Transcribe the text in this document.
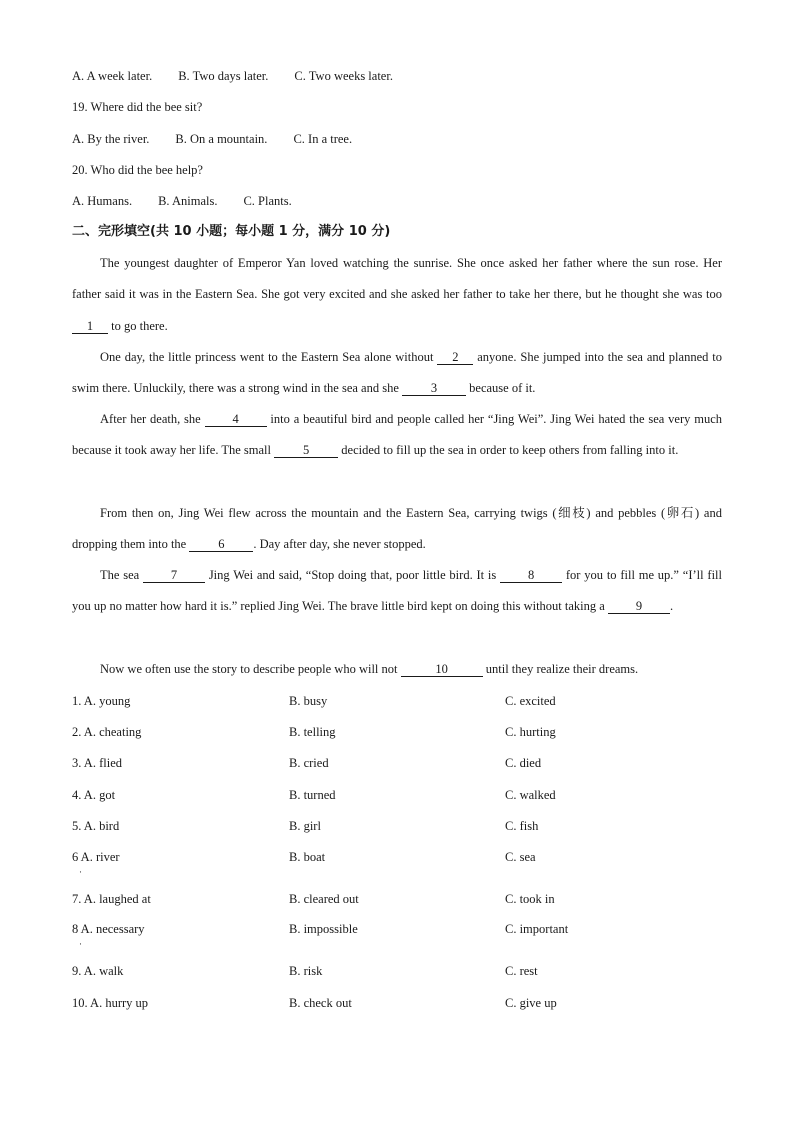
A. A week later. B. Two days later. C. Two weeks later.
19. Where did the bee sit?
A. By the river. B. On a mountain. C. In a tree.
20. Who did the bee help?
A. Humans. B. Animals. C. Plants.
二、完形填空(共 10 小题；每小题 1 分，满分 10 分)
The youngest daughter of Emperor Yan loved watching the sunrise. She once asked her father where the sun rose. Her father said it was in the Eastern Sea. She got very excited and she asked her father to take her there, but he thought she was too 1 to go there.
One day, the little princess went to the Eastern Sea alone without 2 anyone. She jumped into the sea and planned to swim there. Unluckily, there was a strong wind in the sea and she 3 because of it.
After her death, she 4 into a beautiful bird and people called her “Jing Wei”. Jing Wei hated the sea very much because it took away her life. The small 5 decided to fill up the sea in order to keep others from falling into it.
From then on, Jing Wei flew across the mountain and the Eastern Sea, carrying twigs (细枝) and pebbles (卵石) and dropping them into the 6 . Day after day, she never stopped.
The sea 7 Jing Wei and said, “Stop doing that, poor little bird. It is 8 for you to fill me up.” “I’ll fill you up no matter how hard it is.” replied Jing Wei. The brave little bird kept on doing this without taking a 9 .
Now we often use the story to describe people who will not	10	until they realize their dreams.
1. A. young	B. busy	C. excited
2. A. cheating	B. telling	C. hurting
3. A. flied	B. cried	C. died
4. A. got	B. turned	C. walked
5. A. bird	B. girl	C. fish
6 A. river	B. boat	C. sea
·
7. A. laughed at	B. cleared out	C. took in
8 A. necessary	B. impossible	C. important
·
9. A. walk	B. risk	C. rest
10. A. hurry up	B. check out	C. give up
